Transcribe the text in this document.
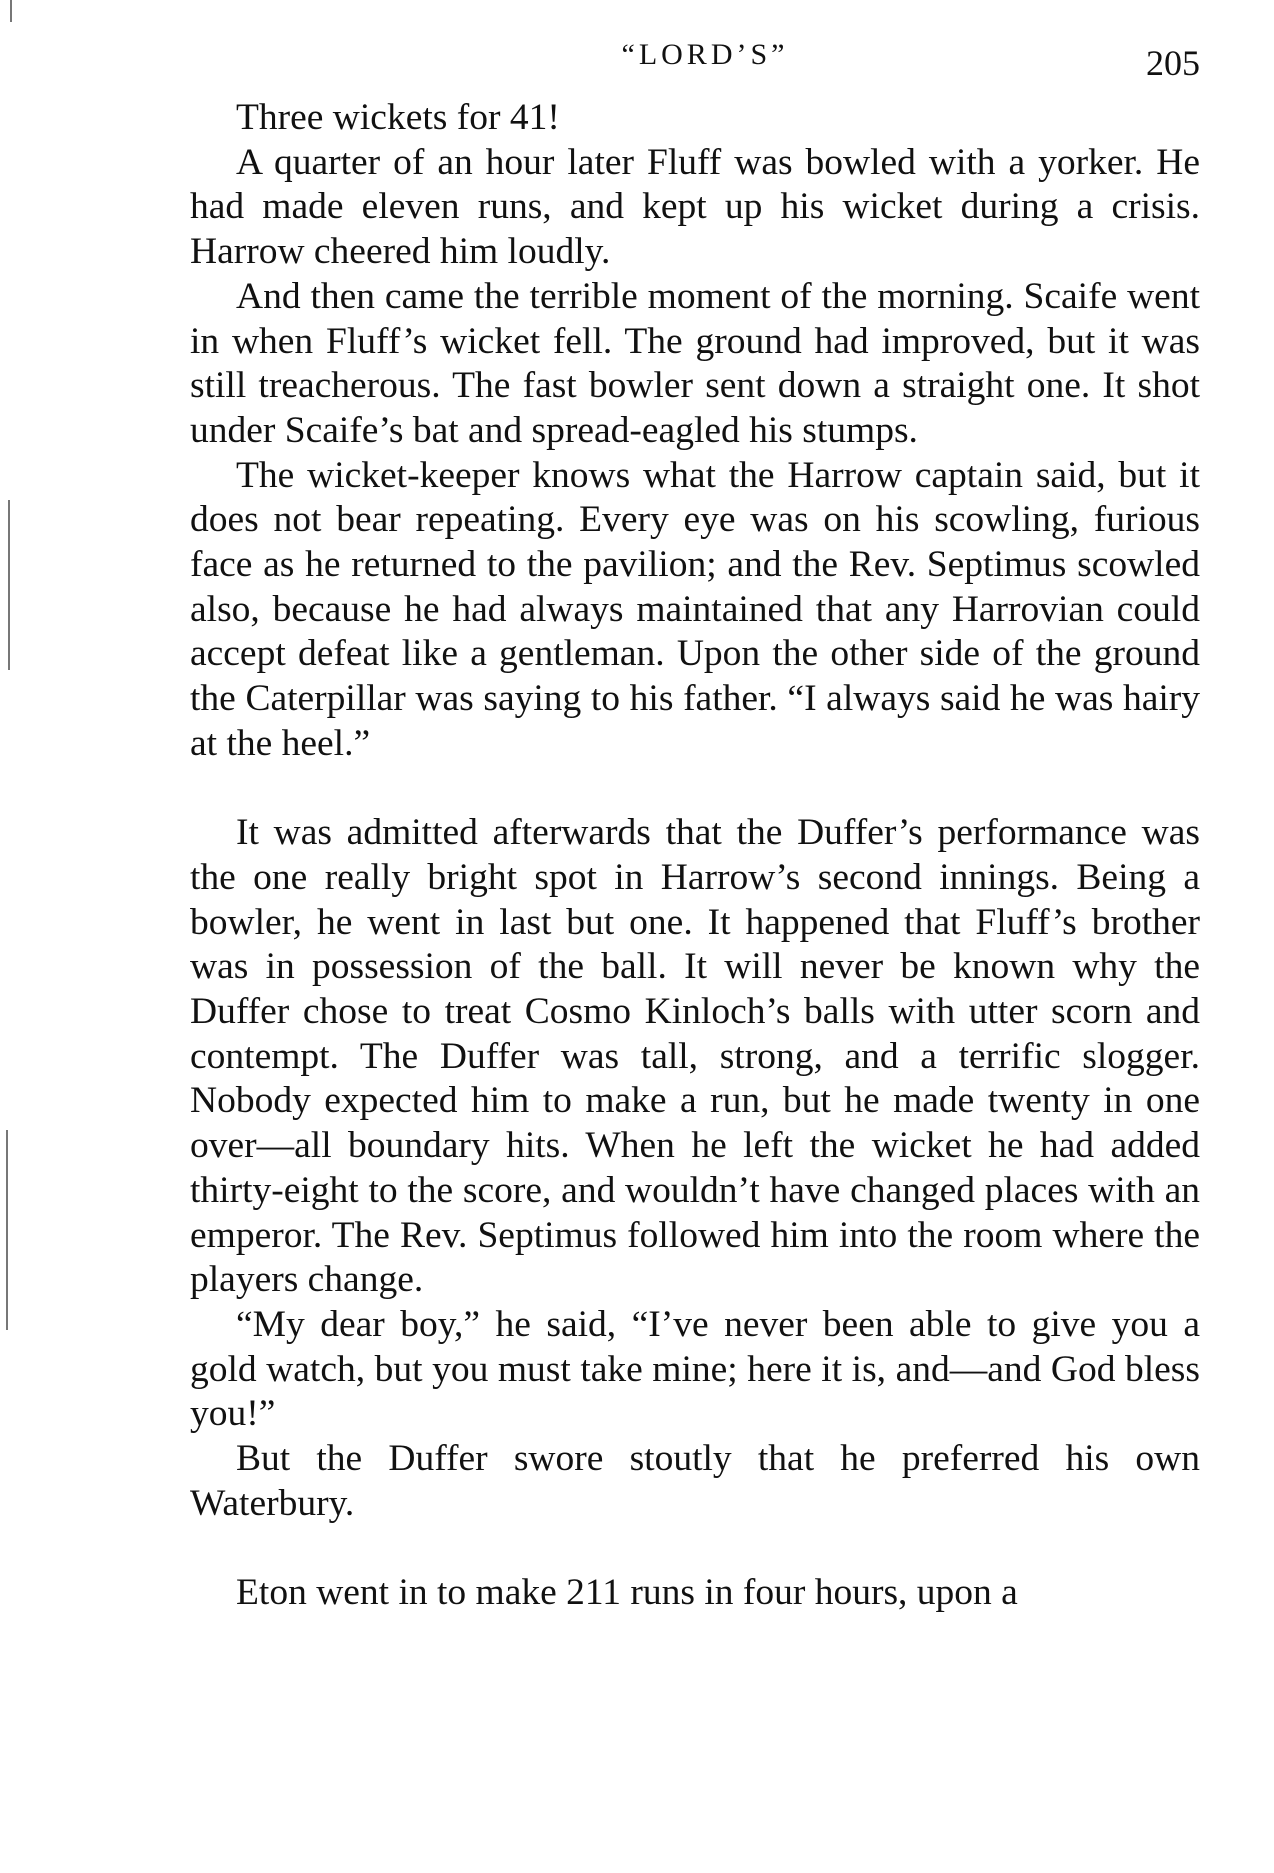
“LORD’S”	205

Three wickets for 41!

A quarter of an hour later Fluff was bowled with a yorker. He had made eleven runs, and kept up his wicket during a crisis. Harrow cheered him loudly.

And then came the terrible moment of the morning. Scaife went in when Fluff’s wicket fell. The ground had improved, but it was still treacherous. The fast bowler sent down a straight one. It shot under Scaife’s bat and spread-eagled his stumps.

The wicket-keeper knows what the Harrow captain said, but it does not bear repeating. Every eye was on his scowling, furious face as he returned to the pavilion; and the Rev. Septimus scowled also, because he had always maintained that any Harrovian could accept defeat like a gentleman. Upon the other side of the ground the Caterpillar was saying to his father. “I always said he was hairy at the heel.”

It was admitted afterwards that the Duffer’s performance was the one really bright spot in Harrow’s second innings. Being a bowler, he went in last but one. It happened that Fluff’s brother was in possession of the ball. It will never be known why the Duffer chose to treat Cosmo Kinloch’s balls with utter scorn and contempt. The Duffer was tall, strong, and a terrific slogger. Nobody expected him to make a run, but he made twenty in one over—all boundary hits. When he left the wicket he had added thirty-eight to the score, and wouldn’t have changed places with an emperor. The Rev. Septimus followed him into the room where the players change.

“My dear boy,” he said, “I’ve never been able to give you a gold watch, but you must take mine; here it is, and—and God bless you!”

But the Duffer swore stoutly that he preferred his own Waterbury.

Eton went in to make 211 runs in four hours, upon a
